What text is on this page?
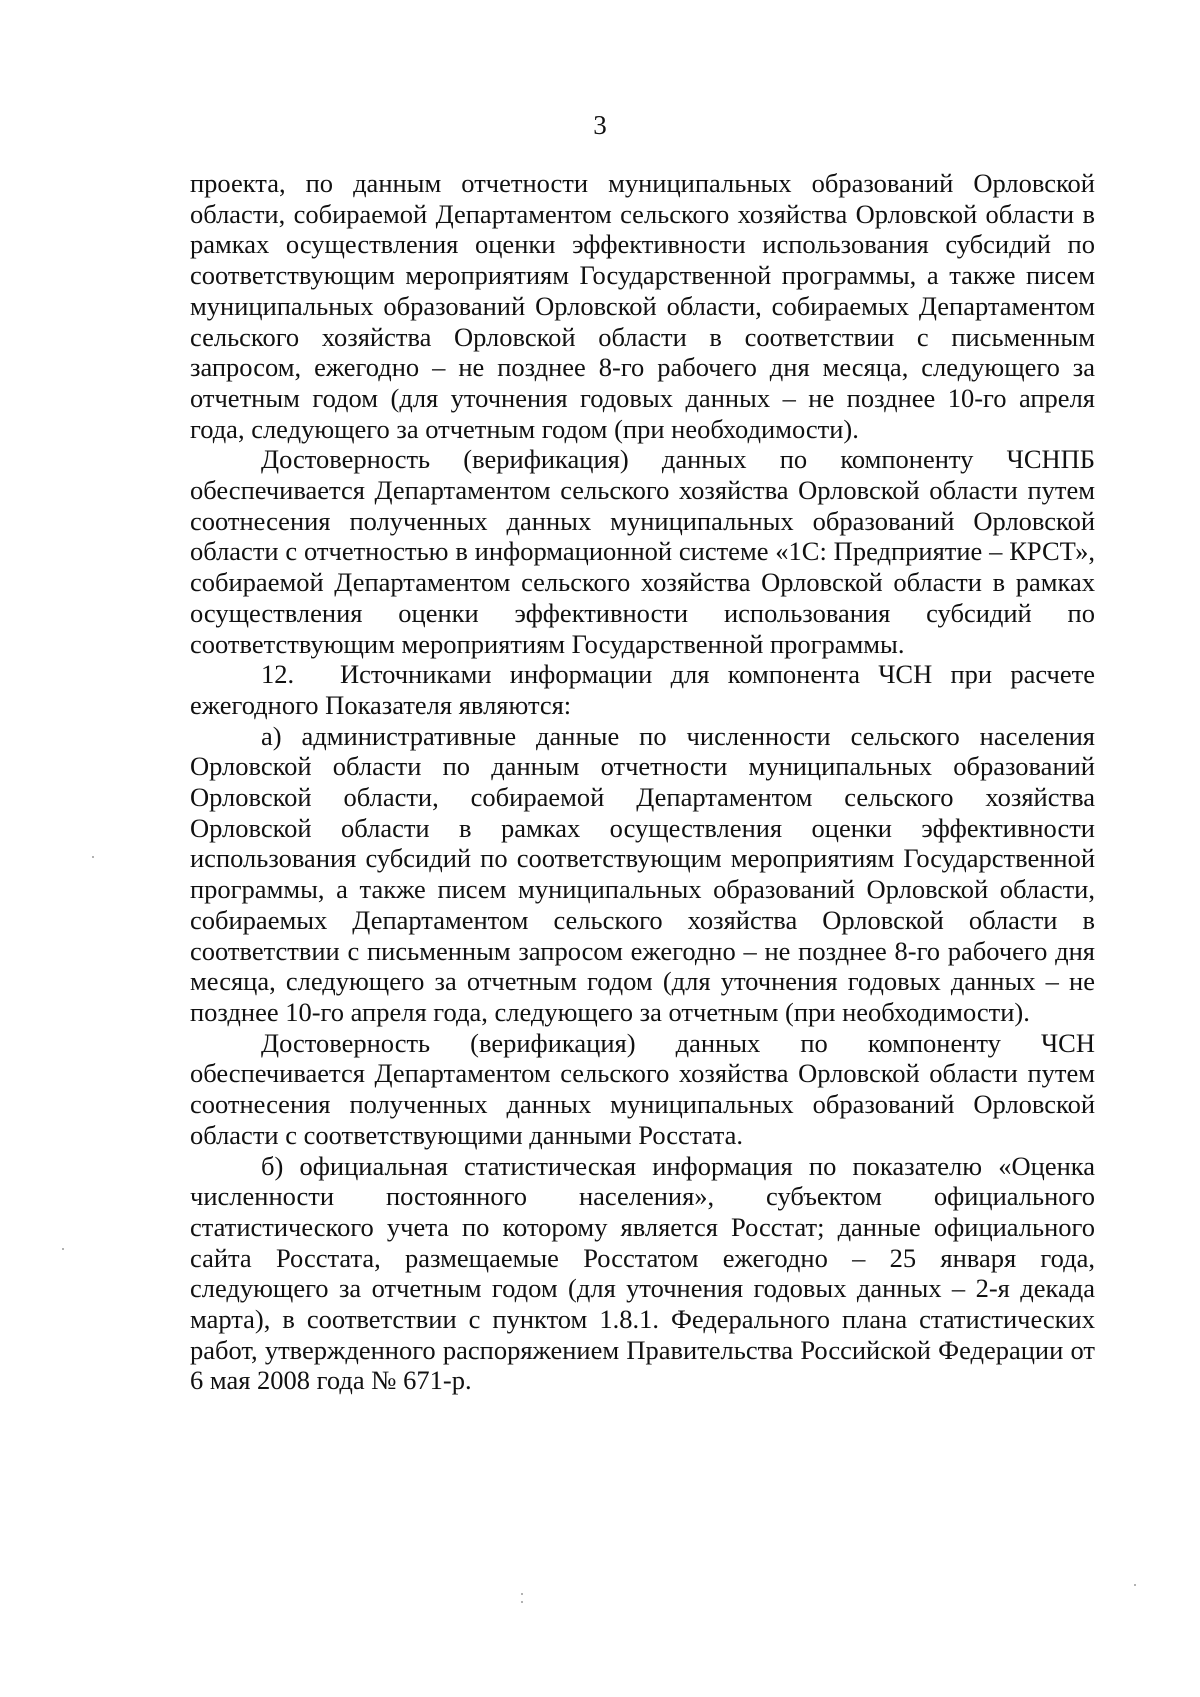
3

проекта, по данным отчетности муниципальных образований Орловской области, собираемой Департаментом сельского хозяйства Орловской области в рамках осуществления оценки эффективности использования субсидий по соответствующим мероприятиям Государственной программы, а также писем муниципальных образований Орловской области, собираемых Департаментом сельского хозяйства Орловской области в соответствии с письменным запросом, ежегодно – не позднее 8-го рабочего дня месяца, следующего за отчетным годом (для уточнения годовых данных – не позднее 10-го апреля года, следующего за отчетным годом (при необходимости).

Достоверность (верификация) данных по компоненту ЧСНПБ обеспечивается Департаментом сельского хозяйства Орловской области путем соотнесения полученных данных муниципальных образований Орловской области с отчетностью в информационной системе «1С: Предприятие – КРСТ», собираемой Департаментом сельского хозяйства Орловской области в рамках осуществления оценки эффективности использования субсидий по соответствующим мероприятиям Государственной программы.

12. Источниками информации для компонента ЧСН при расчете ежегодного Показателя являются:

а) административные данные по численности сельского населения Орловской области по данным отчетности муниципальных образований Орловской области, собираемой Департаментом сельского хозяйства Орловской области в рамках осуществления оценки эффективности использования субсидий по соответствующим мероприятиям Государственной программы, а также писем муниципальных образований Орловской области, собираемых Департаментом сельского хозяйства Орловской области в соответствии с письменным запросом ежегодно – не позднее 8-го рабочего дня месяца, следующего за отчетным годом (для уточнения годовых данных – не позднее 10-го апреля года, следующего за отчетным (при необходимости).

Достоверность (верификация) данных по компоненту ЧСН обеспечивается Департаментом сельского хозяйства Орловской области путем соотнесения полученных данных муниципальных образований Орловской области с соответствующими данными Росстата.

б) официальная статистическая информация по показателю «Оценка численности постоянного населения», субъектом официального статистического учета по которому является Росстат; данные официального сайта Росстата, размещаемые Росстатом ежегодно – 25 января года, следующего за отчетным годом (для уточнения годовых данных – 2-я декада марта), в соответствии с пунктом 1.8.1. Федерального плана статистических работ, утвержденного распоряжением Правительства Российской Федерации от 6 мая 2008 года № 671-р.
